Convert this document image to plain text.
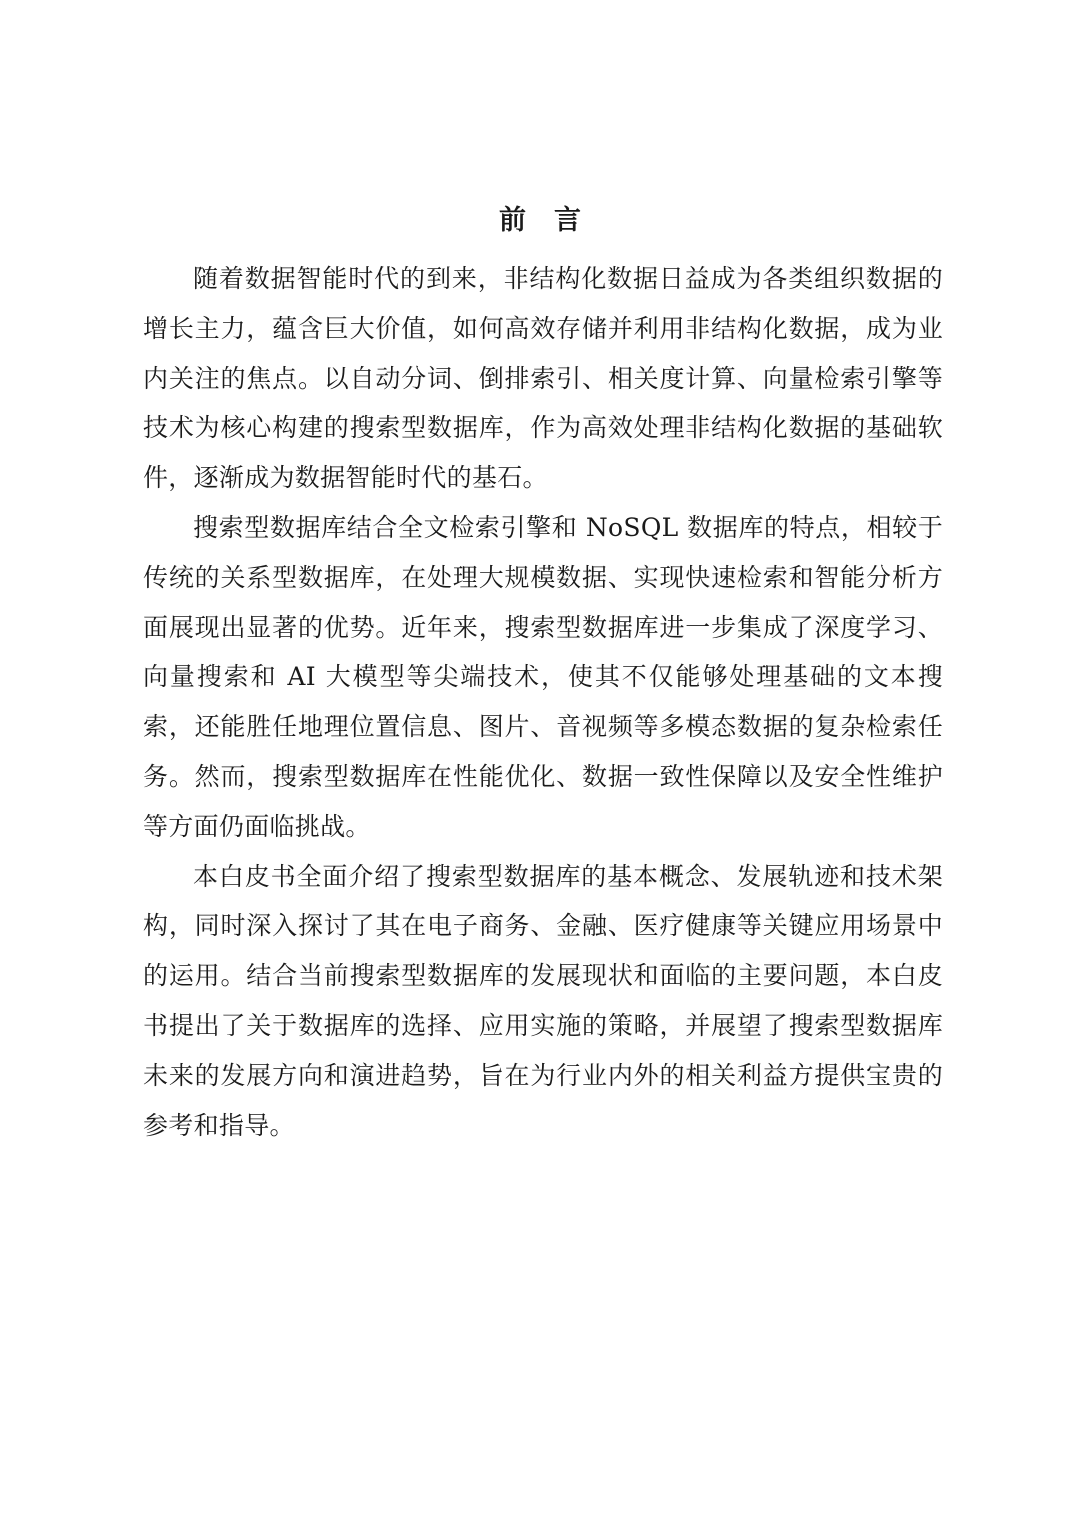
前言

随着数据智能时代的到来，非结构化数据日益成为各类组织数据的增长主力，蕴含巨大价值，如何高效存储并利用非结构化数据，成为业内关注的焦点。以自动分词、倒排索引、相关度计算、向量检索引擎等技术为核心构建的搜索型数据库，作为高效处理非结构化数据的基础软件，逐渐成为数据智能时代的基石。

搜索型数据库结合全文检索引擎和 NoSQL 数据库的特点，相较于传统的关系型数据库，在处理大规模数据、实现快速检索和智能分析方面展现出显著的优势。近年来，搜索型数据库进一步集成了深度学习、向量搜索和 AI 大模型等尖端技术，使其不仅能够处理基础的文本搜索，还能胜任地理位置信息、图片、音视频等多模态数据的复杂检索任务。然而，搜索型数据库在性能优化、数据一致性保障以及安全性维护等方面仍面临挑战。

本白皮书全面介绍了搜索型数据库的基本概念、发展轨迹和技术架构，同时深入探讨了其在电子商务、金融、医疗健康等关键应用场景中的运用。结合当前搜索型数据库的发展现状和面临的主要问题，本白皮书提出了关于数据库的选择、应用实施的策略，并展望了搜索型数据库未来的发展方向和演进趋势，旨在为行业内外的相关利益方提供宝贵的参考和指导。
